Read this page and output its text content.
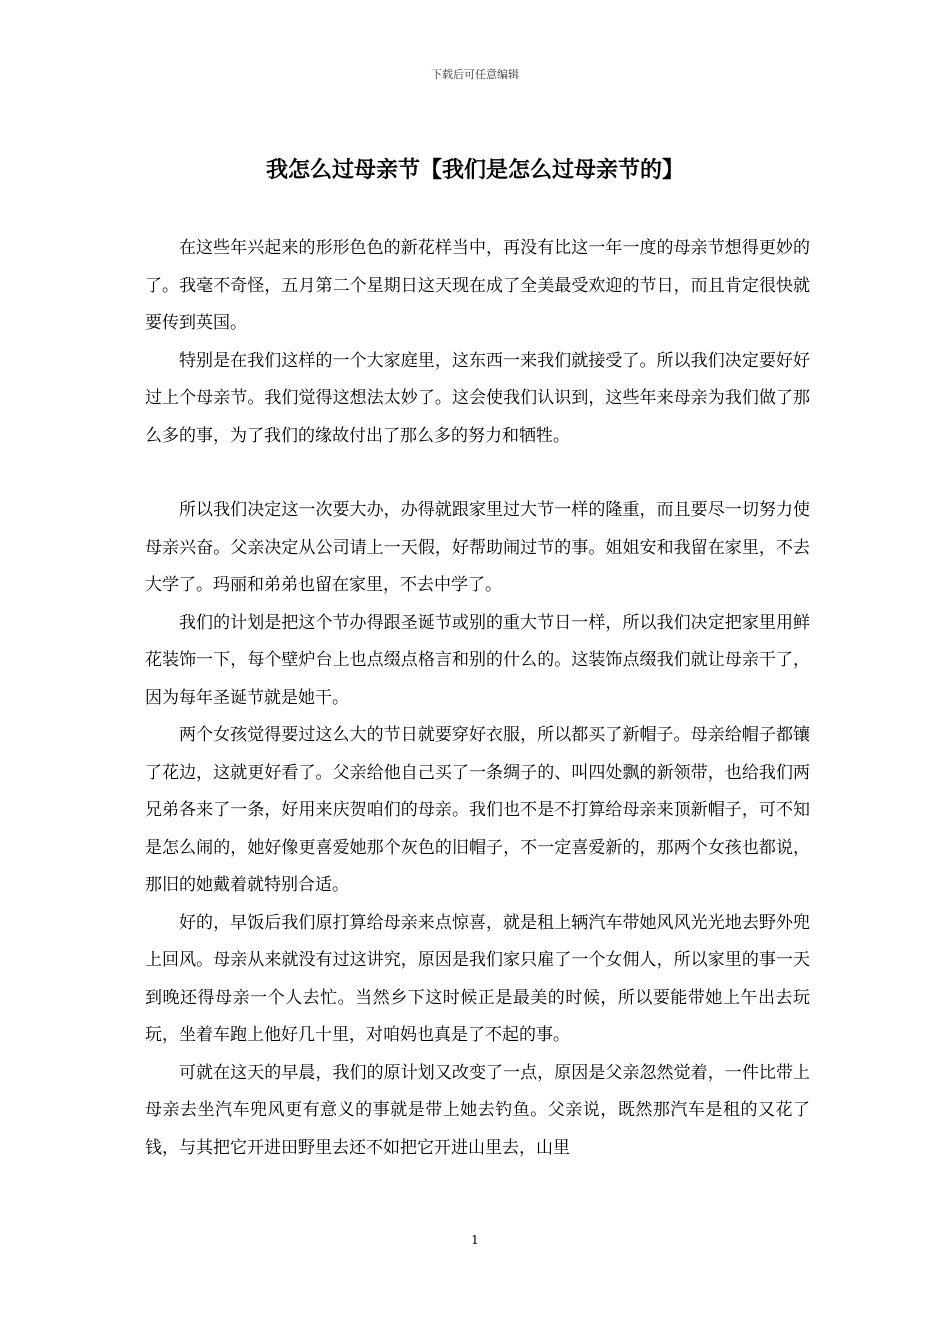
下载后可任意编辑
我怎么过母亲节【我们是怎么过母亲节的】

在这些年兴起来的形形色色的新花样当中，再没有比这一年一度的母亲节想得更妙的了。我毫不奇怪，五月第二个星期日这天现在成了全美最受欢迎的节日，而且肯定很快就要传到英国。

特别是在我们这样的一个大家庭里，这东西一来我们就接受了。所以我们决定要好好过上个母亲节。我们觉得这想法太妙了。这会使我们认识到，这些年来母亲为我们做了那么多的事，为了我们的缘故付出了那么多的努力和牺牲。

所以我们决定这一次要大办，办得就跟家里过大节一样的隆重，而且要尽一切努力使母亲兴奋。父亲决定从公司请上一天假，好帮助闹过节的事。姐姐安和我留在家里，不去大学了。玛丽和弟弟也留在家里，不去中学了。

我们的计划是把这个节办得跟圣诞节或别的重大节日一样，所以我们决定把家里用鲜花装饰一下，每个壁炉台上也点缀点格言和别的什么的。这装饰点缀我们就让母亲干了，因为每年圣诞节就是她干。

两个女孩觉得要过这么大的节日就要穿好衣服，所以都买了新帽子。母亲给帽子都镶了花边，这就更好看了。父亲给他自己买了一条绸子的、叫四处飘的新领带，也给我们两兄弟各来了一条，好用来庆贺咱们的母亲。我们也不是不打算给母亲来顶新帽子，可不知是怎么闹的，她好像更喜爱她那个灰色的旧帽子，不一定喜爱新的，那两个女孩也都说，那旧的她戴着就特别合适。

好的，早饭后我们原打算给母亲来点惊喜，就是租上辆汽车带她风风光光地去野外兜上回风。母亲从来就没有过这讲究，原因是我们家只雇了一个女佣人，所以家里的事一天到晚还得母亲一个人去忙。当然乡下这时候正是最美的时候，所以要能带她上午出去玩玩，坐着车跑上他好几十里，对咱妈也真是了不起的事。

可就在这天的早晨，我们的原计划又改变了一点，原因是父亲忽然觉着，一件比带上母亲去坐汽车兜风更有意义的事就是带上她去钓鱼。父亲说，既然那汽车是租的又花了钱，与其把它开进田野里去还不如把它开进山里去，山里

1
